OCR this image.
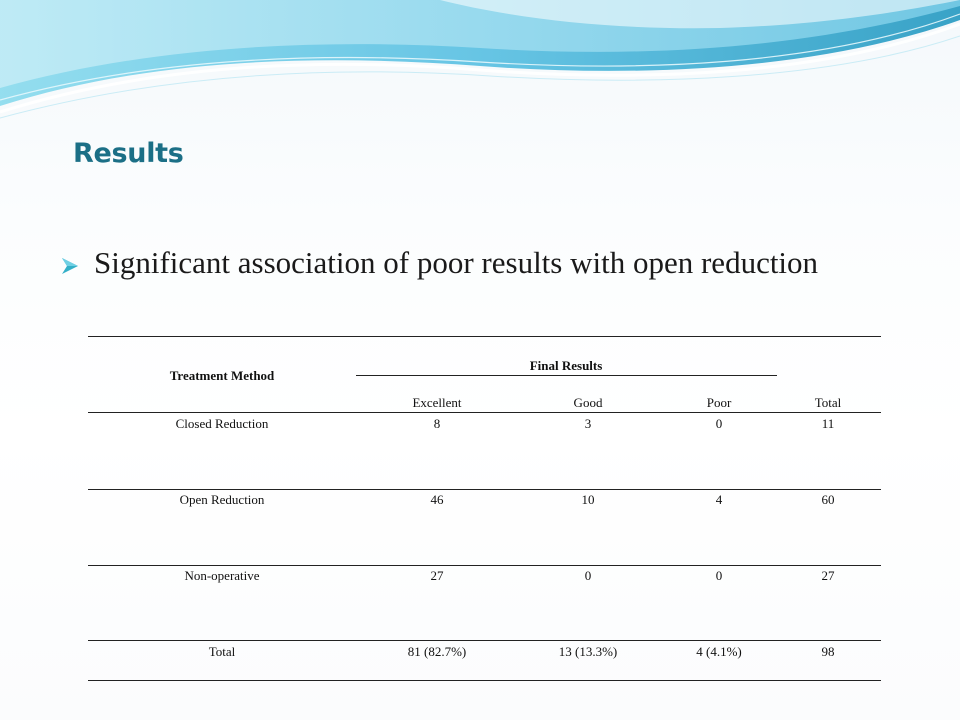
Results
Significant association of poor results with open reduction
Treatment Method
Final Results
Excellent	Good	Poor	Total
Closed Reduction	8	3	0	11
Open Reduction	46	10	4	60
Non-operative	27	0	0	27
Total	81 (82.7%)	13 (13.3%)	4 (4.1%)	98
